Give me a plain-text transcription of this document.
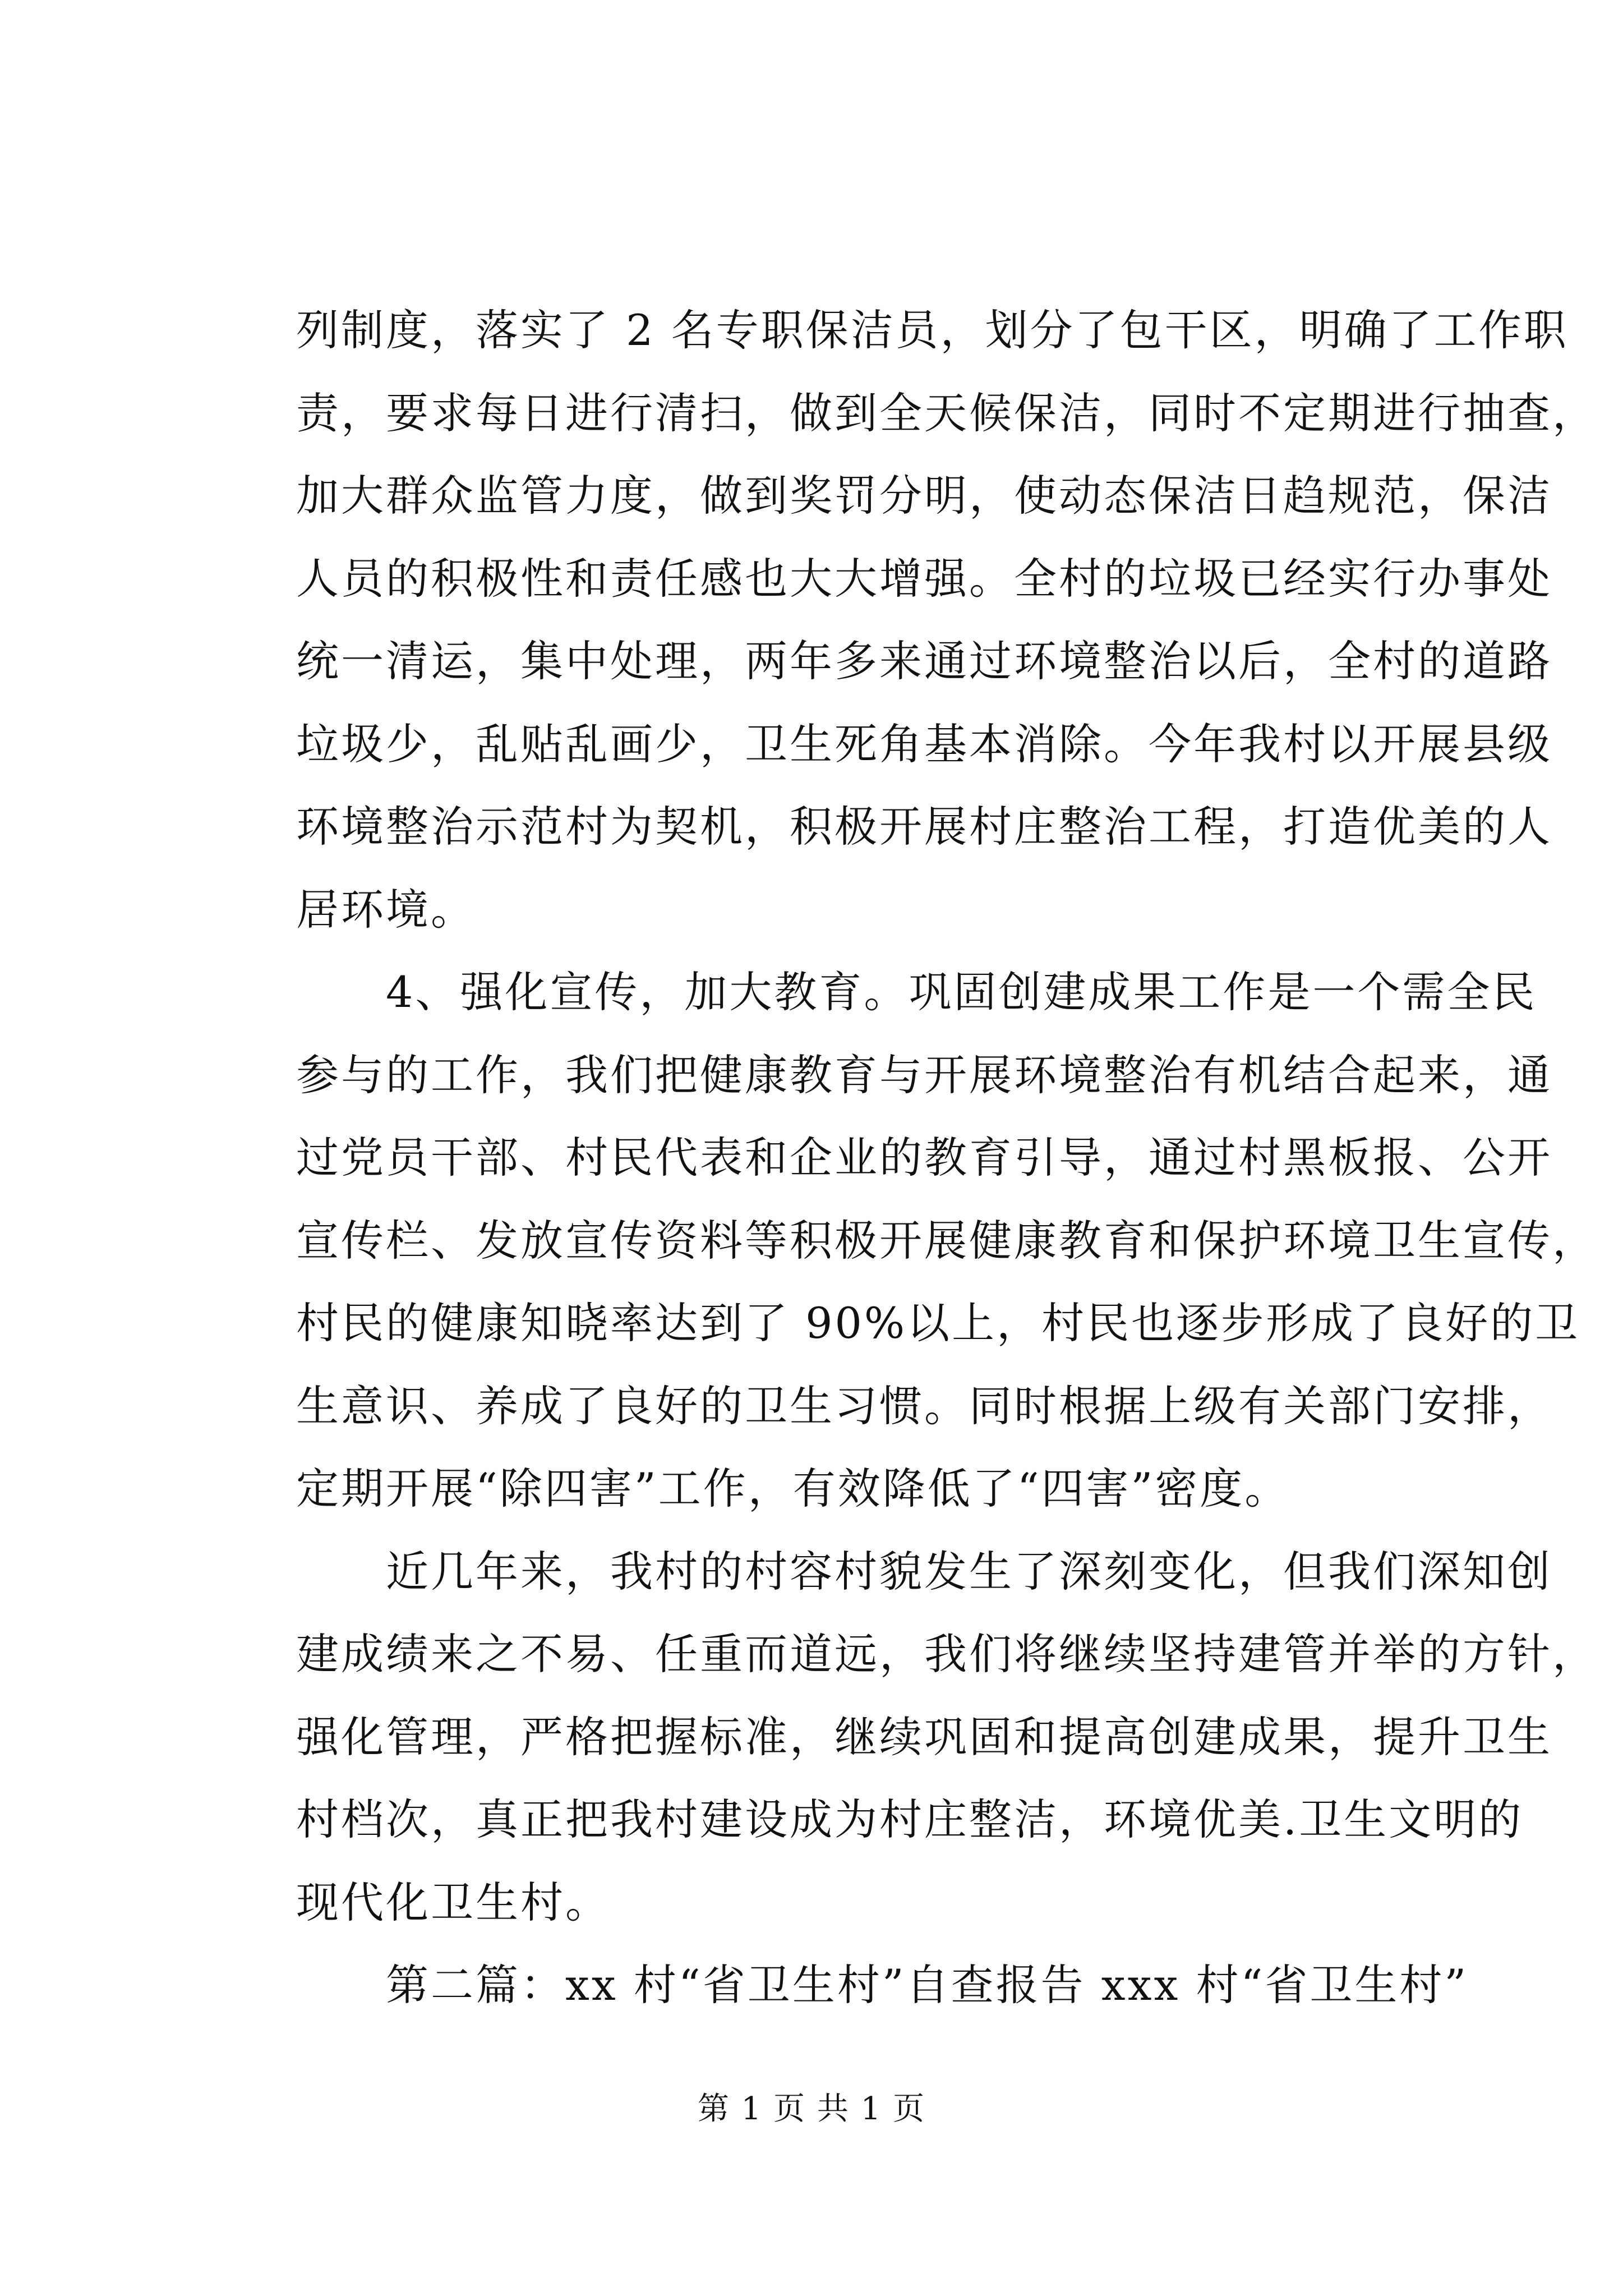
列制度，落实了 2 名专职保洁员，划分了包干区，明确了工作职
责，要求每日进行清扫，做到全天候保洁，同时不定期进行抽查，
加大群众监管力度，做到奖罚分明，使动态保洁日趋规范，保洁
人员的积极性和责任感也大大增强。全村的垃圾已经实行办事处
统一清运，集中处理，两年多来通过环境整治以后，全村的道路
垃圾少，乱贴乱画少，卫生死角基本消除。今年我村以开展县级
环境整治示范村为契机，积极开展村庄整治工程，打造优美的人
居环境。
4、强化宣传，加大教育。巩固创建成果工作是一个需全民
参与的工作，我们把健康教育与开展环境整治有机结合起来，通
过党员干部、村民代表和企业的教育引导，通过村黑板报、公开
宣传栏、发放宣传资料等积极开展健康教育和保护环境卫生宣传，
村民的健康知晓率达到了 90%以上，村民也逐步形成了良好的卫
生意识、养成了良好的卫生习惯。同时根据上级有关部门安排，
定期开展“除四害”工作，有效降低了“四害”密度。
近几年来，我村的村容村貌发生了深刻变化，但我们深知创
建成绩来之不易、任重而道远，我们将继续坚持建管并举的方针，
强化管理，严格把握标准，继续巩固和提高创建成果，提升卫生
村档次，真正把我村建设成为村庄整洁，环境优美.卫生文明的
现代化卫生村。
第二篇：xx 村“省卫生村”自查报告 xxx 村“省卫生村”
第 1 页 共 1 页
